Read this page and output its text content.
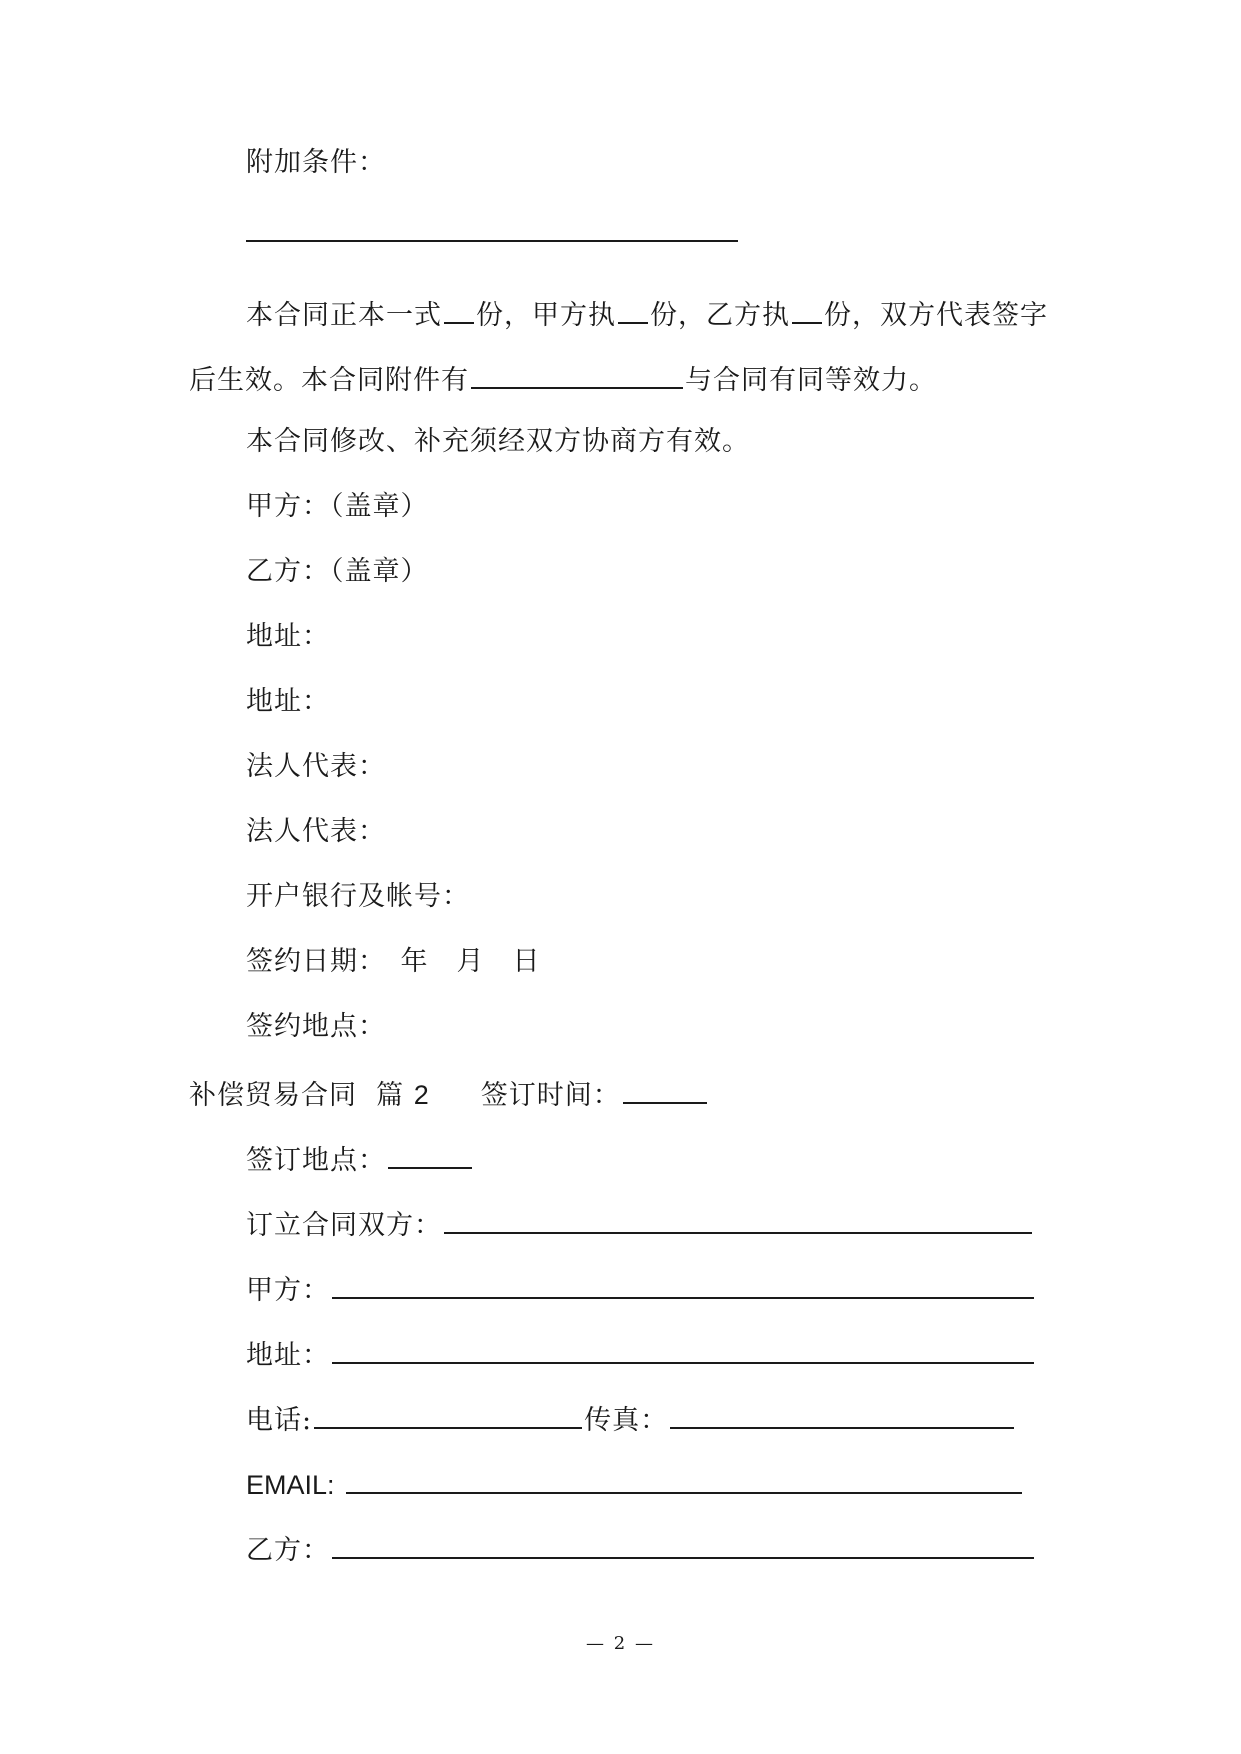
附加条件：
本合同正本一式 份，甲方执 份，乙方执 份，双方代表签字
后生效。本合同附件有	与合同有同等效力。
本合同修改、补充须经双方协商方有效。
甲方：（盖章）
乙方：（盖章）
地址：
地址：
法人代表：
法人代表：
开户银行及帐号：
签约日期：　年　月　日
签约地点：
补偿贸易合同 篇 2 签订时间：
签订地点：
订立合同双方：
甲方：
地址：
电话:	传真：
EMAIL:
乙方：
— 2 —
